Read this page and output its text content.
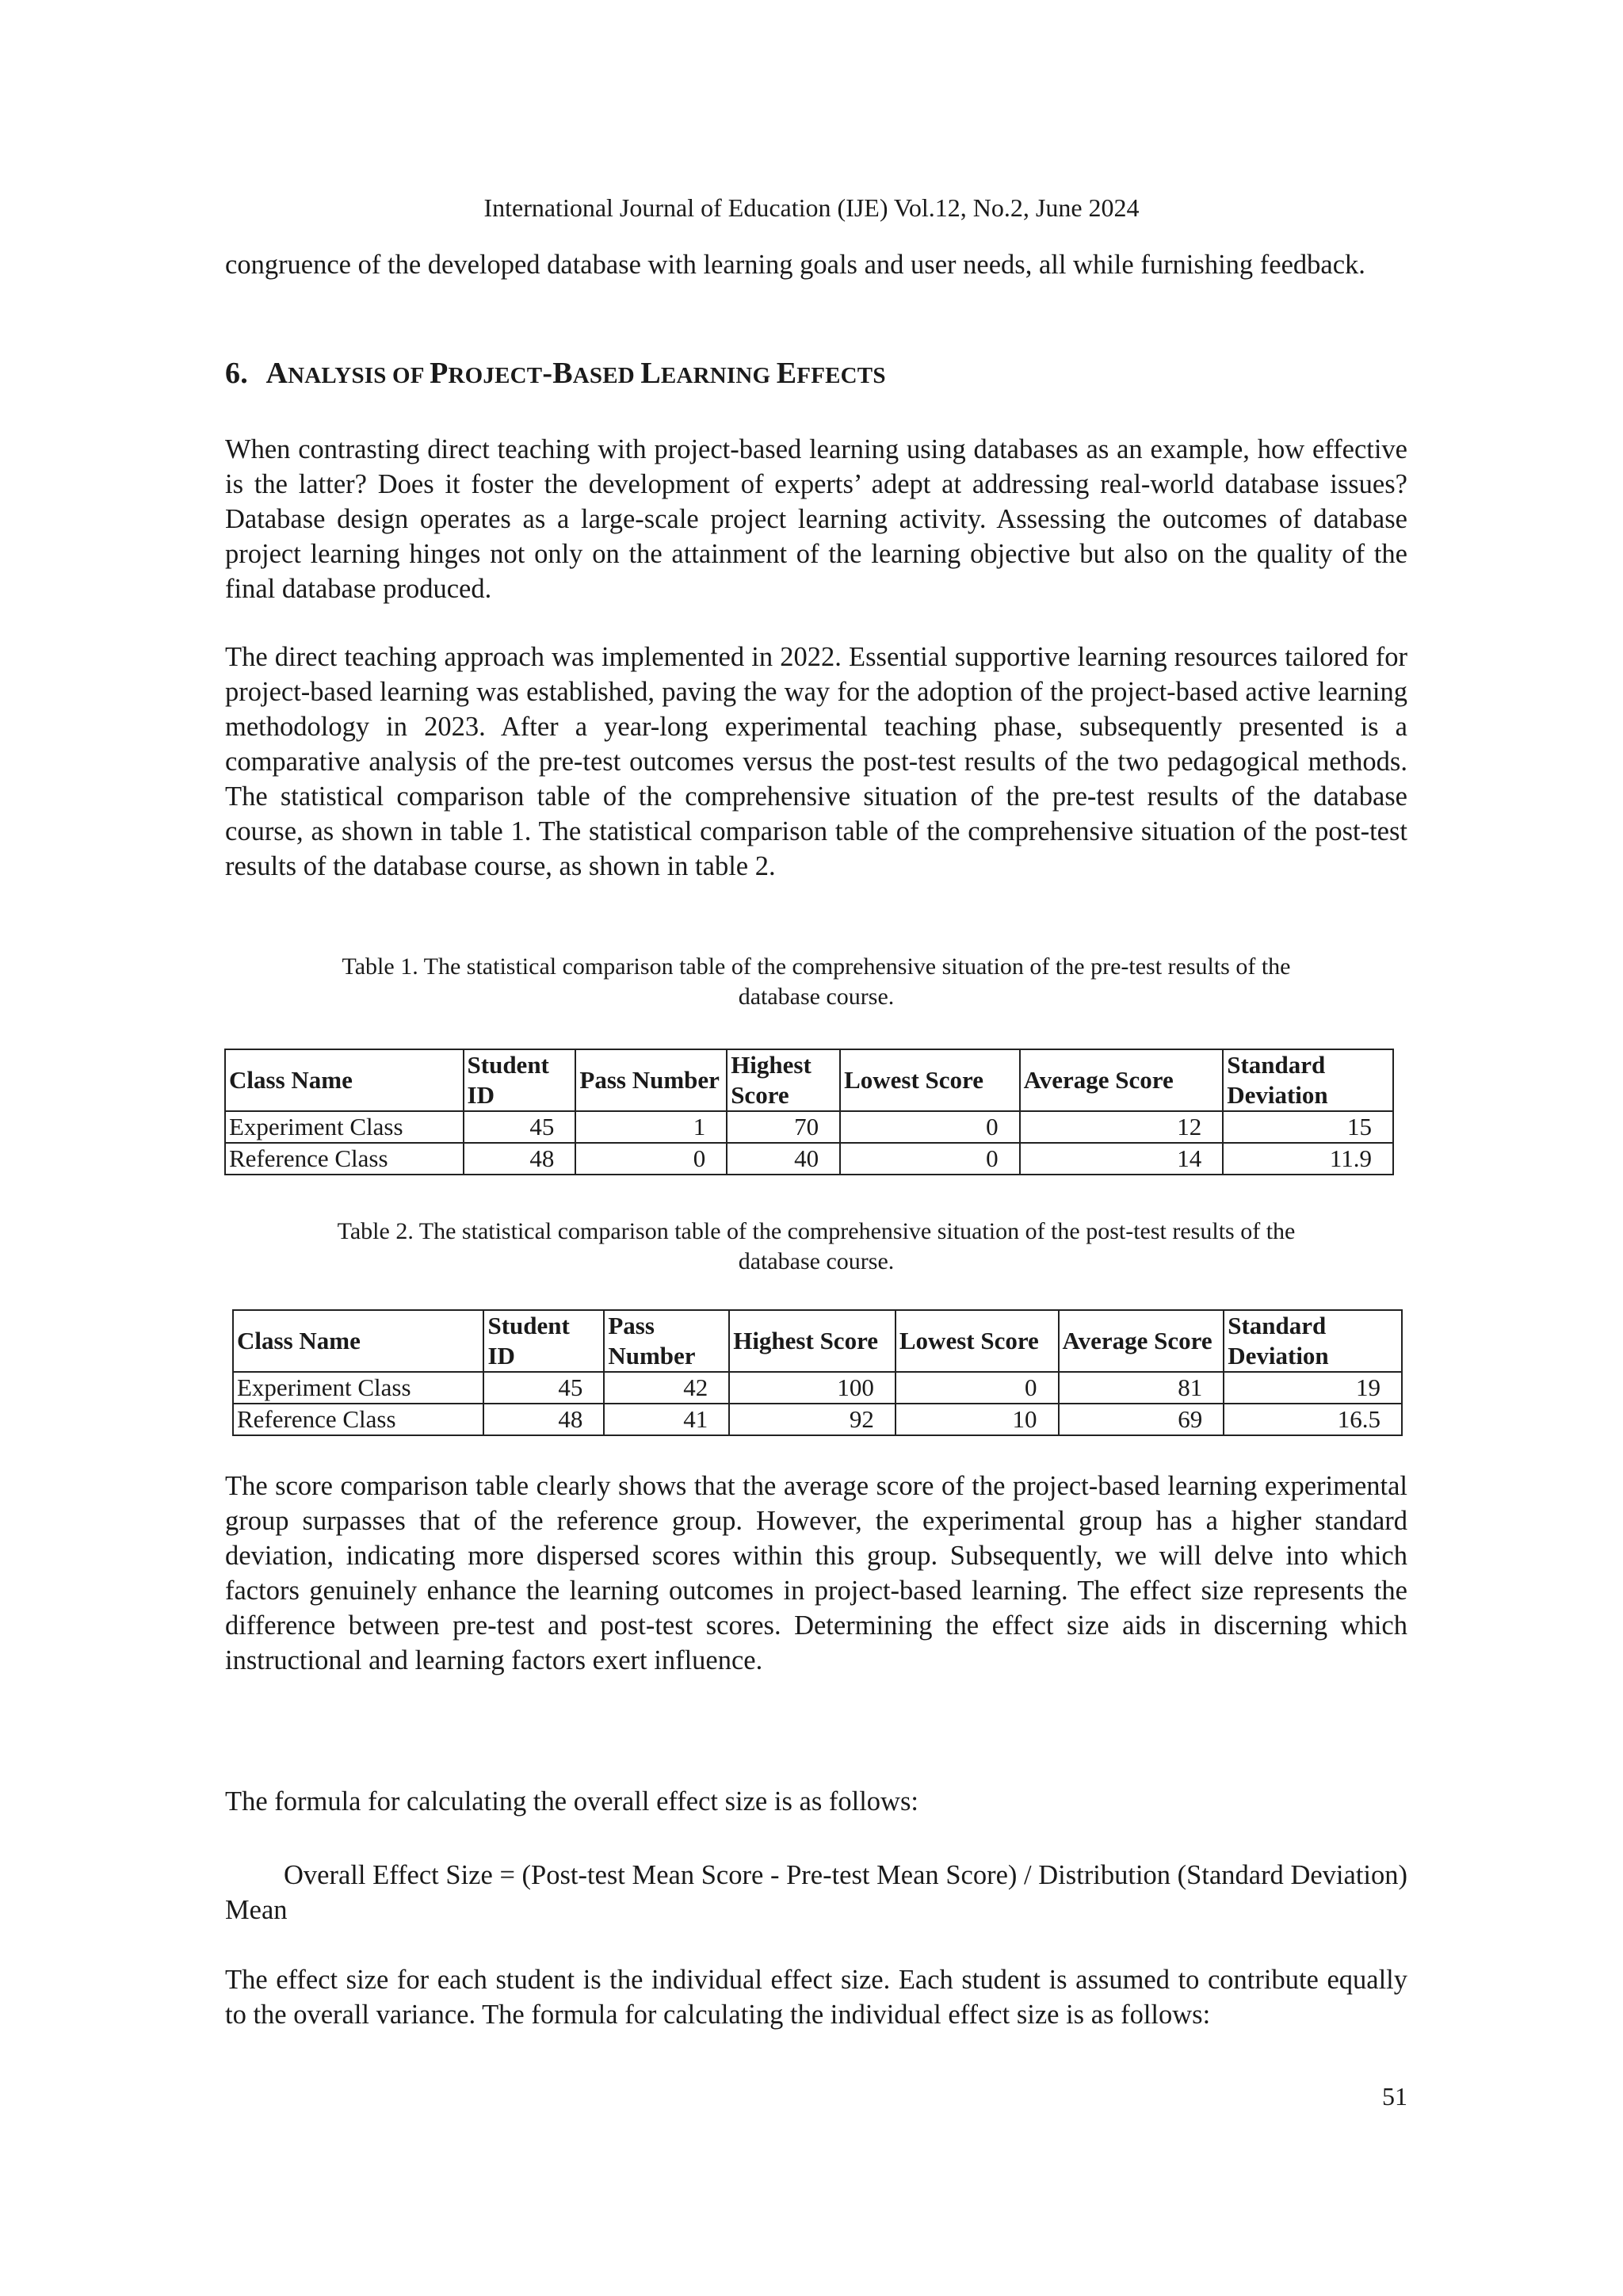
International Journal of Education (IJE) Vol.12, No.2, June 2024

congruence of the developed database with learning goals and user needs, all while furnishing feedback.

6.   ANALYSIS OF PROJECT-BASED LEARNING EFFECTS

When contrasting direct teaching with project-based learning using databases as an example, how effective is the latter? Does it foster the development of experts’ adept at addressing real-world database issues? Database design operates as a large-scale project learning activity. Assessing the outcomes of database project learning hinges not only on the attainment of the learning objective but also on the quality of the final database produced.

The direct teaching approach was implemented in 2022. Essential supportive learning resources tailored for project-based learning was established, paving the way for the adoption of the project-based active learning methodology in 2023. After a year-long experimental teaching phase, subsequently presented is a comparative analysis of the pre-test outcomes versus the post-test results of the two pedagogical methods. The statistical comparison table of the comprehensive situation of the pre-test results of the database course, as shown in table 1. The statistical comparison table of the comprehensive situation of the post-test results of the database course, as shown in table 2.

Table 1. The statistical comparison table of the comprehensive situation of the pre-test results of the
database course.

Class Name	Student ID	Pass Number	Highest Score	Lowest Score	Average Score	Standard Deviation
Experiment Class	45	1	70	0	12	15
Reference Class	48	0	40	0	14	11.9

Table 2. The statistical comparison table of the comprehensive situation of the post-test results of the
database course.

Class Name	Student ID	Pass Number	Highest Score	Lowest Score	Average Score	Standard Deviation
Experiment Class	45	42	100	0	81	19
Reference Class	48	41	92	10	69	16.5

The score comparison table clearly shows that the average score of the project-based learning experimental group surpasses that of the reference group. However, the experimental group has a higher standard deviation, indicating more dispersed scores within this group. Subsequently, we will delve into which factors genuinely enhance the learning outcomes in project-based learning. The effect size represents the difference between pre-test and post-test scores. Determining the effect size aids in discerning which instructional and learning factors exert influence.

The formula for calculating the overall effect size is as follows:

Overall Effect Size = (Post-test Mean Score - Pre-test Mean Score) / Distribution (Standard Deviation) Mean

The effect size for each student is the individual effect size. Each student is assumed to contribute equally to the overall variance. The formula for calculating the individual effect size is as follows:

51
